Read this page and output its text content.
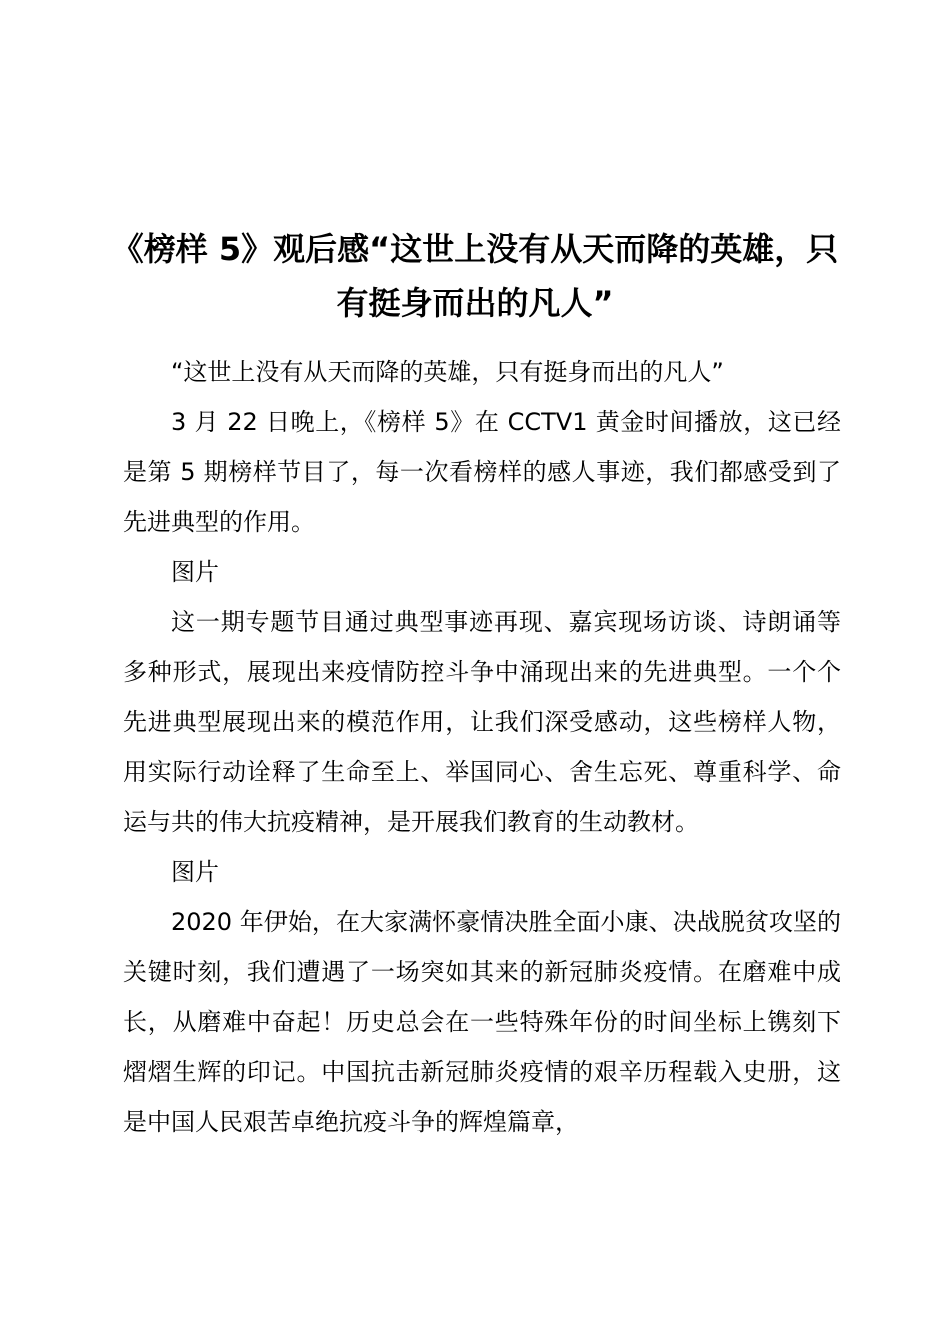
《榜样 5》观后感“这世上没有从天而降的英雄，只有挺身而出的凡人”

“这世上没有从天而降的英雄，只有挺身而出的凡人”

3 月 22 日晚上，《榜样 5》在 CCTV1 黄金时间播放，这已经是第 5 期榜样节目了，每一次看榜样的感人事迹，我们都感受到了先进典型的作用。

图片

这一期专题节目通过典型事迹再现、嘉宾现场访谈、诗朗诵等多种形式，展现出来疫情防控斗争中涌现出来的先进典型。一个个先进典型展现出来的模范作用，让我们深受感动，这些榜样人物，用实际行动诠释了生命至上、举国同心、舍生忘死、尊重科学、命运与共的伟大抗疫精神，是开展我们教育的生动教材。

图片

2020 年伊始，在大家满怀豪情决胜全面小康、决战脱贫攻坚的关键时刻，我们遭遇了一场突如其来的新冠肺炎疫情。在磨难中成长，从磨难中奋起！历史总会在一些特殊年份的时间坐标上镌刻下熠熠生辉的印记。中国抗击新冠肺炎疫情的艰辛历程载入史册，这是中国人民艰苦卓绝抗疫斗争的辉煌篇章，
